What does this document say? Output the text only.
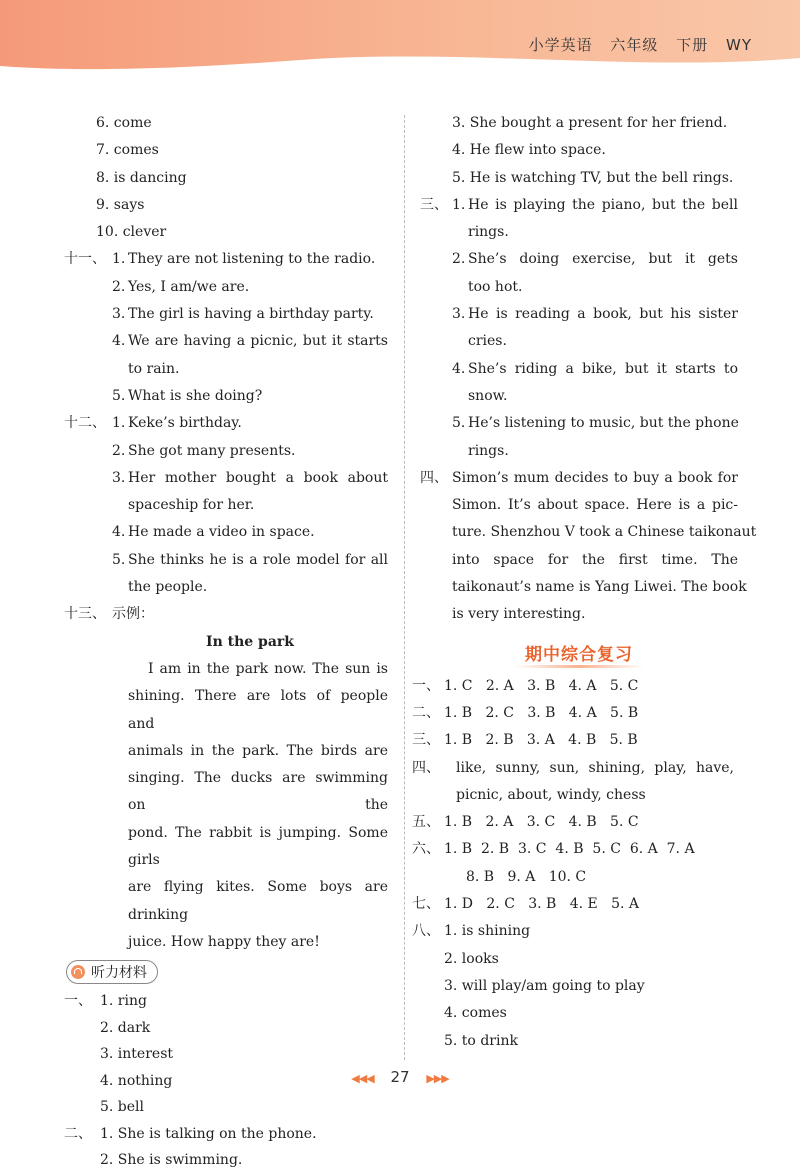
小学英语 六年级 下册 WY
6. come
7. comes
8. is dancing
9. says
10. clever
十一、 1. They are not listening to the radio.
2. Yes, I am/we are.
3. The girl is having a birthday party.
4. We are having a picnic, but it starts
to rain.
5. What is she doing?
十二、 1. Keke’s birthday.
2. She got many presents.
3. Her mother bought a book about
spaceship for her.
4. He made a video in space.
5. She thinks he is a role model for all
the people.
十三、 示例：
In the park
I am in the park now. The sun is
shining. There are lots of people and
animals in the park. The birds are
singing. The ducks are swimming on the
pond. The rabbit is jumping. Some girls
are flying kites. Some boys are drinking
juice. How happy they are!
听力材料
一、 1. ring
2. dark
3. interest
4. nothing
5. bell
二、 1. She is talking on the phone.
2. She is swimming.
3. She bought a present for her friend.
4. He flew into space.
5. He is watching TV, but the bell rings.
三、 1. He is playing the piano, but the bell
rings.
2. She’s doing exercise, but it gets
too hot.
3. He is reading a book, but his sister
cries.
4. She’s riding a bike, but it starts to
snow.
5. He’s listening to music, but the phone
rings.
四、 Simon’s mum decides to buy a book for
Simon. It’s about space. Here is a pic-
ture. Shenzhou V took a Chinese taikonaut
into space for the first time. The
taikonaut’s name is Yang Liwei. The book
is very interesting.
期中综合复习
一、 1. C   2. A   3. B   4. A   5. C
二、 1. B   2. C   3. B   4. A   5. B
三、 1. B   2. B   3. A   4. B   5. B
四、 like, sunny, sun, shining, play, have,
picnic, about, windy, chess
五、 1. B   2. A   3. C   4. B   5. C
六、 1. B  2. B  3. C  4. B  5. C  6. A  7. A
8. B   9. A   10. C
七、 1. D   2. C   3. B   4. E   5. A
八、 1. is shining
2. looks
3. will play/am going to play
4. comes
5. to drink
◀◀◀ 27 ▶▶▶
